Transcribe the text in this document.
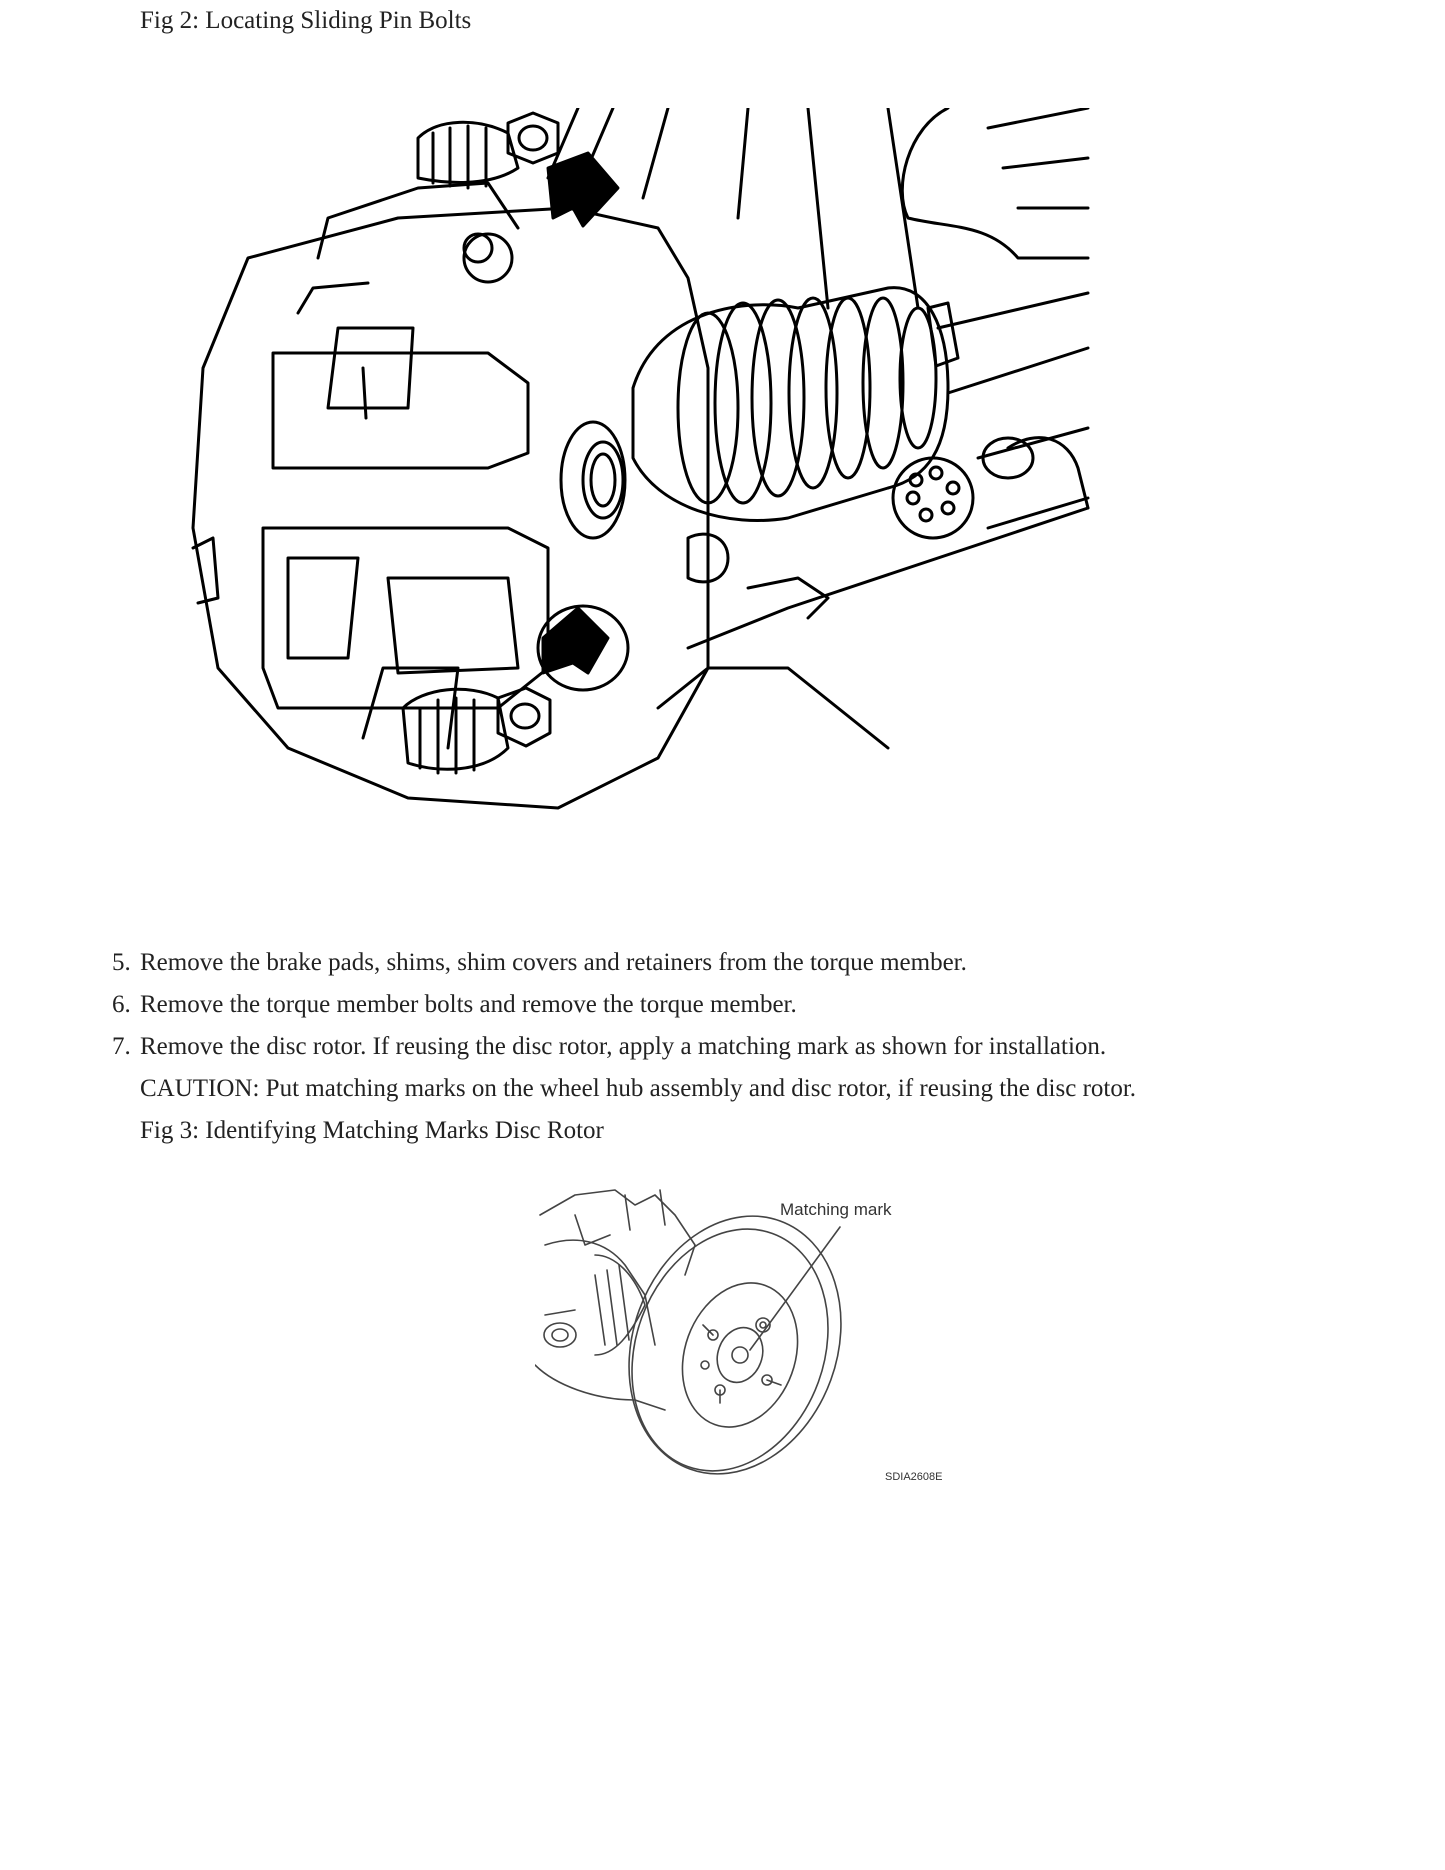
Fig 2: Locating Sliding Pin Bolts

5. Remove the brake pads, shims, shim covers and retainers from the torque member.
6. Remove the torque member bolts and remove the torque member.
7. Remove the disc rotor. If reusing the disc rotor, apply a matching mark as shown for installation.
CAUTION: Put matching marks on the wheel hub assembly and disc rotor, if reusing the disc rotor.
Fig 3: Identifying Matching Marks Disc Rotor
Matching mark
SDIA2608E
